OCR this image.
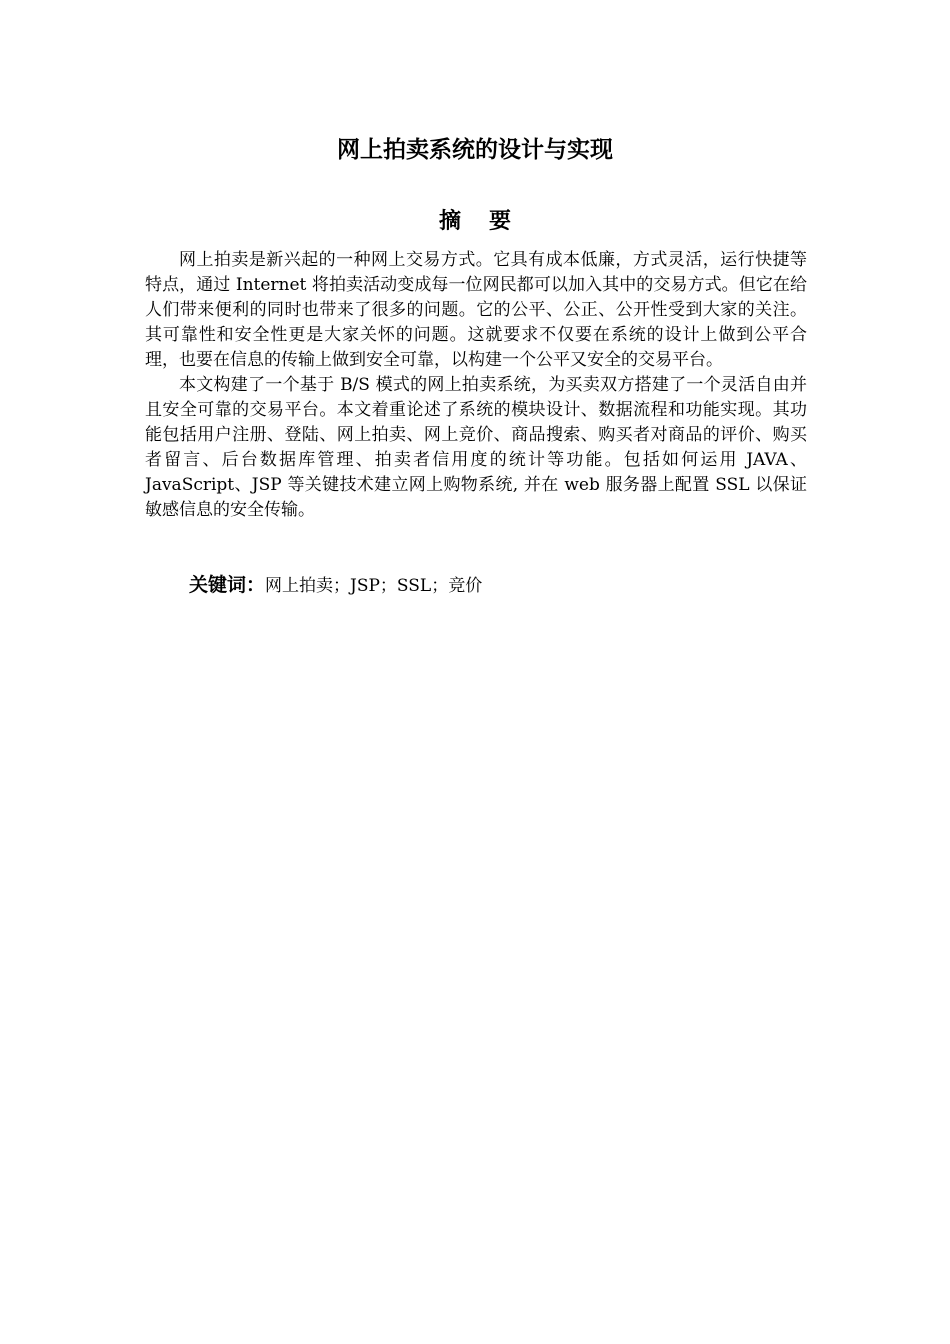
网上拍卖系统的设计与实现
摘要

网上拍卖是新兴起的一种网上交易方式。它具有成本低廉，方式灵活，运行快捷等特点，通过 Internet 将拍卖活动变成每一位网民都可以加入其中的交易方式。但它在给人们带来便利的同时也带来了很多的问题。它的公平、公正、公开性受到大家的关注。其可靠性和安全性更是大家关怀的问题。这就要求不仅要在系统的设计上做到公平合理，也要在信息的传输上做到安全可靠，以构建一个公平又安全的交易平台。

本文构建了一个基于 B/S 模式的网上拍卖系统，为买卖双方搭建了一个灵活自由并且安全可靠的交易平台。本文着重论述了系统的模块设计、数据流程和功能实现。其功能包括用户注册、登陆、网上拍卖、网上竞价、商品搜索、购买者对商品的评价、购买者留言、后台数据库管理、拍卖者信用度的统计等功能。包括如何运用 JAVA、JavaScript、JSP 等关键技术建立网上购物系统, 并在 web 服务器上配置 SSL 以保证敏感信息的安全传输。

关键词：网上拍卖；JSP；SSL；竞价
